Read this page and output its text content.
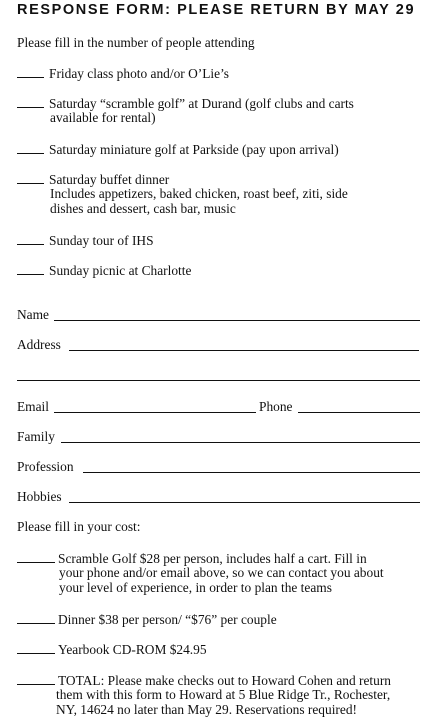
RESPONSE FORM: PLEASE RETURN BY MAY 29
Please fill in the number of people attending
Friday class photo and/or O’Lie’s
Saturday “scramble golf” at Durand (golf clubs and carts
available for rental)
Saturday miniature golf at Parkside (pay upon arrival)
Saturday buffet dinner
Includes appetizers, baked chicken, roast beef, ziti, side
dishes and dessert, cash bar, music
Sunday tour of IHS
Sunday picnic at Charlotte
Name
Address
Email	Phone
Family
Profession
Hobbies
Please fill in your cost:
Scramble Golf $28 per person, includes half a cart. Fill in
your phone and/or email above, so we can contact you about
your level of experience, in order to plan the teams
Dinner $38 per person/ “$76” per couple
Yearbook CD-ROM $24.95
TOTAL: Please make checks out to Howard Cohen and return
them with this form to Howard at 5 Blue Ridge Tr., Rochester,
NY, 14624 no later than May 29. Reservations required!
